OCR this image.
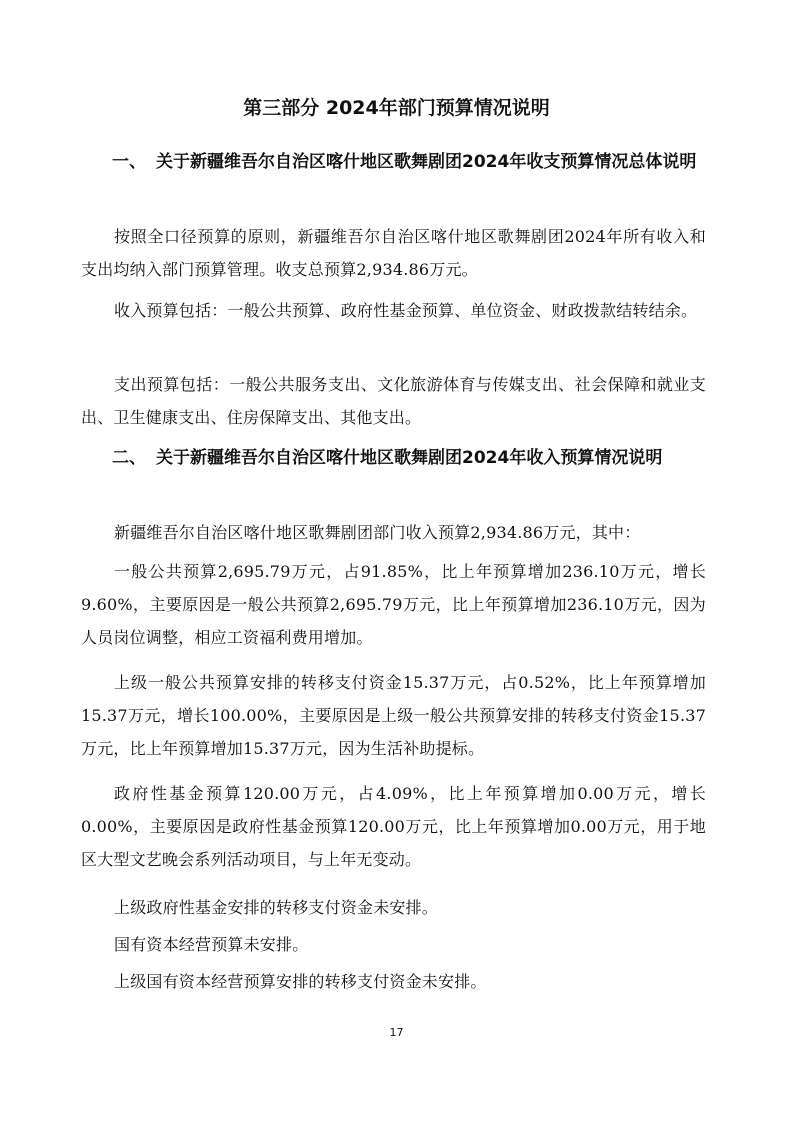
第三部分 2024年部门预算情况说明
一、 关于新疆维吾尔自治区喀什地区歌舞剧团2024年收支预算情况总体说明

按照全口径预算的原则，新疆维吾尔自治区喀什地区歌舞剧团2024年所有收入和支出均纳入部门预算管理。收支总预算2,934.86万元。

收入预算包括：一般公共预算、政府性基金预算、单位资金、财政拨款结转结余。

支出预算包括：一般公共服务支出、文化旅游体育与传媒支出、社会保障和就业支出、卫生健康支出、住房保障支出、其他支出。

二、 关于新疆维吾尔自治区喀什地区歌舞剧团2024年收入预算情况说明

新疆维吾尔自治区喀什地区歌舞剧团部门收入预算2,934.86万元，其中：

一般公共预算2,695.79万元，占91.85%，比上年预算增加236.10万元，增长9.60%，主要原因是一般公共预算2,695.79万元，比上年预算增加236.10万元，因为人员岗位调整，相应工资福利费用增加。

上级一般公共预算安排的转移支付资金15.37万元，占0.52%，比上年预算增加15.37万元，增长100.00%，主要原因是上级一般公共预算安排的转移支付资金15.37万元，比上年预算增加15.37万元，因为生活补助提标。

政府性基金预算120.00万元，占4.09%，比上年预算增加0.00万元，增长0.00%，主要原因是政府性基金预算120.00万元，比上年预算增加0.00万元，用于地区大型文艺晚会系列活动项目，与上年无变动。

上级政府性基金安排的转移支付资金未安排。

国有资本经营预算未安排。

上级国有资本经营预算安排的转移支付资金未安排。

17
